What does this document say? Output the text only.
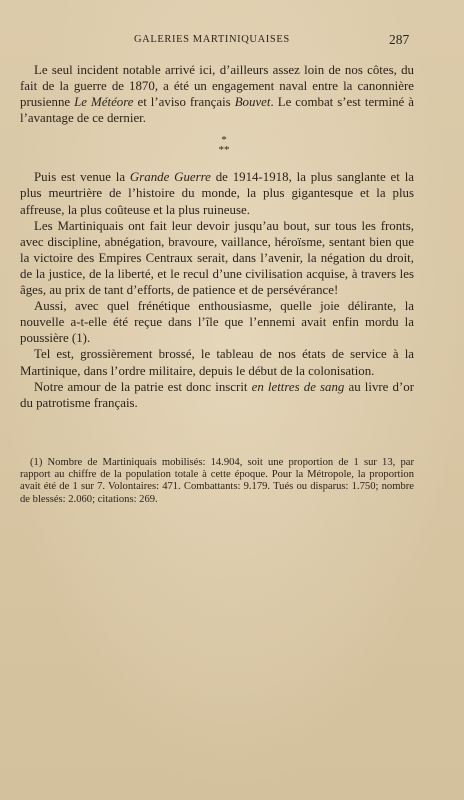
GALERIES MARTINIQUAISES	287

Le seul incident notable arrivé ici, d’ailleurs assez loin de nos côtes, du fait de la guerre de 1870, a été un engagement naval entre la canonnière prusienne Le Météore et l’aviso français Bouvet. Le combat s’est terminé à l’avantage de ce dernier.

*
**

Puis est venue la Grande Guerre de 1914-1918, la plus sanglante et la plus meurtrière de l’histoire du monde, la plus gigantesque et la plus affreuse, la plus coûteuse et la plus ruineuse.

Les Martiniquais ont fait leur devoir jusqu’au bout, sur tous les fronts, avec discipline, abnégation, bravoure, vaillance, héroïsme, sentant bien que la victoire des Empires Centraux serait, dans l’avenir, la négation du droit, de la justice, de la liberté, et le recul d’une civilisation acquise, à travers les âges, au prix de tant d’efforts, de patience et de persévérance!

Aussi, avec quel frénétique enthousiasme, quelle joie délirante, la nouvelle a-t-elle été reçue dans l’île que l’ennemi avait enfin mordu la poussière (1).

Tel est, grossièrement brossé, le tableau de nos états de service à la Martinique, dans l’ordre militaire, depuis le début de la colonisation.

Notre amour de la patrie est donc inscrit en lettres de sang au livre d’or du patrotisme français.

(1) Nombre de Martiniquais mobilisés: 14.904, soit une proportion de 1 sur 13, par rapport au chiffre de la population totale à cette époque. Pour la Métropole, la proportion avait été de 1 sur 7. Volontaires: 471. Combattants: 9.179. Tués ou disparus: 1.750; nombre de blessés: 2.060; citations: 269.
